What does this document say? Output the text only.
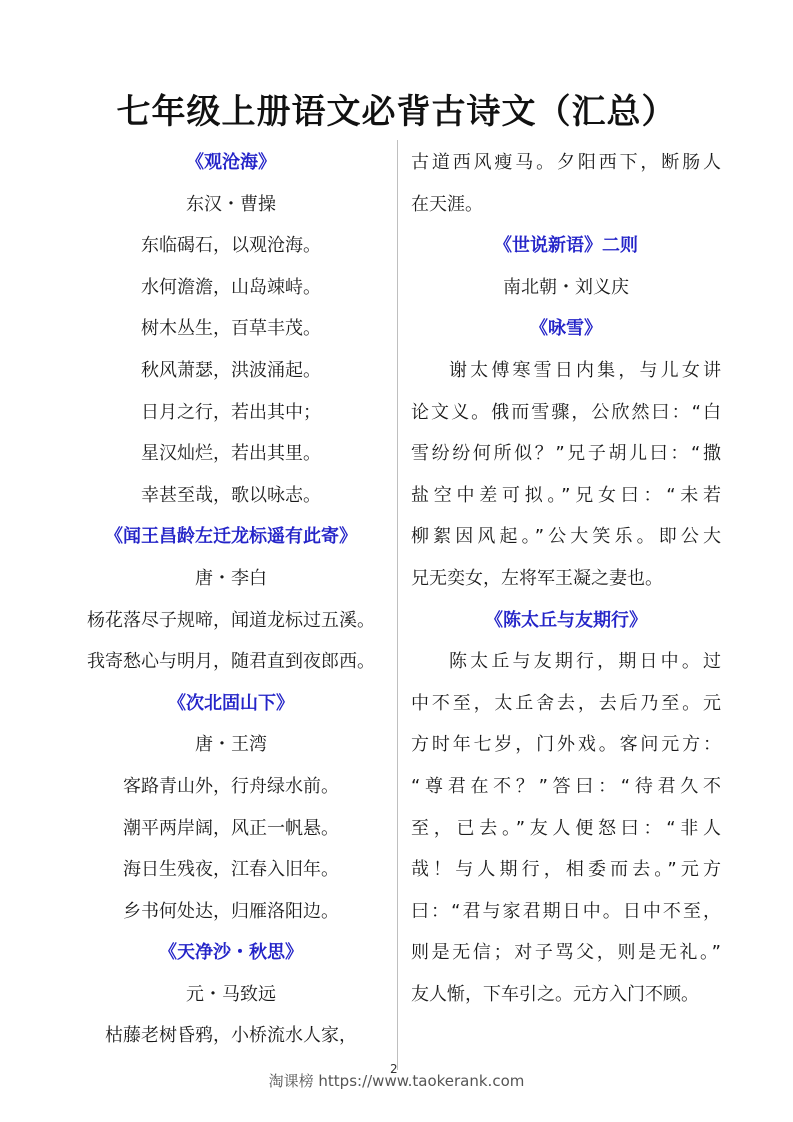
七年级上册语文必背古诗文（汇总）
《观沧海》
东汉・曹操
东临碣石，以观沧海。
水何澹澹，山岛竦峙。
树木丛生，百草丰茂。
秋风萧瑟，洪波涌起。
日月之行，若出其中；
星汉灿烂，若出其里。
幸甚至哉，歌以咏志。
《闻王昌龄左迁龙标遥有此寄》
唐・李白
杨花落尽子规啼，闻道龙标过五溪。
我寄愁心与明月，随君直到夜郎西。
《次北固山下》
唐・王湾
客路青山外，行舟绿水前。
潮平两岸阔，风正一帆悬。
海日生残夜，江春入旧年。
乡书何处达，归雁洛阳边。
《天净沙・秋思》
元・马致远
枯藤老树昏鸦，小桥流水人家，
古道西风瘦马。夕阳西下，断肠人
在天涯。
《世说新语》二则
南北朝・刘义庆
《咏雪》
谢太傅寒雪日内集，与儿女讲
论文义。俄而雪骤，公欣然曰：“白
雪纷纷何所似？”兄子胡儿曰：“撒
盐空中差可拟。”兄女曰：“未若
柳絮因风起。”公大笑乐。即公大
兄无奕女，左将军王凝之妻也。
《陈太丘与友期行》
陈太丘与友期行，期日中。过
中不至，太丘舍去，去后乃至。元
方时年七岁，门外戏。客问元方：
“尊君在不？”答曰：“待君久不
至，已去。”友人便怒曰：“非人
哉！与人期行，相委而去。”元方
曰：“君与家君期日中。日中不至，
则是无信；对子骂父，则是无礼。”
友人惭，下车引之。元方入门不顾。
2
淘课榜 https://www.taokerank.com
